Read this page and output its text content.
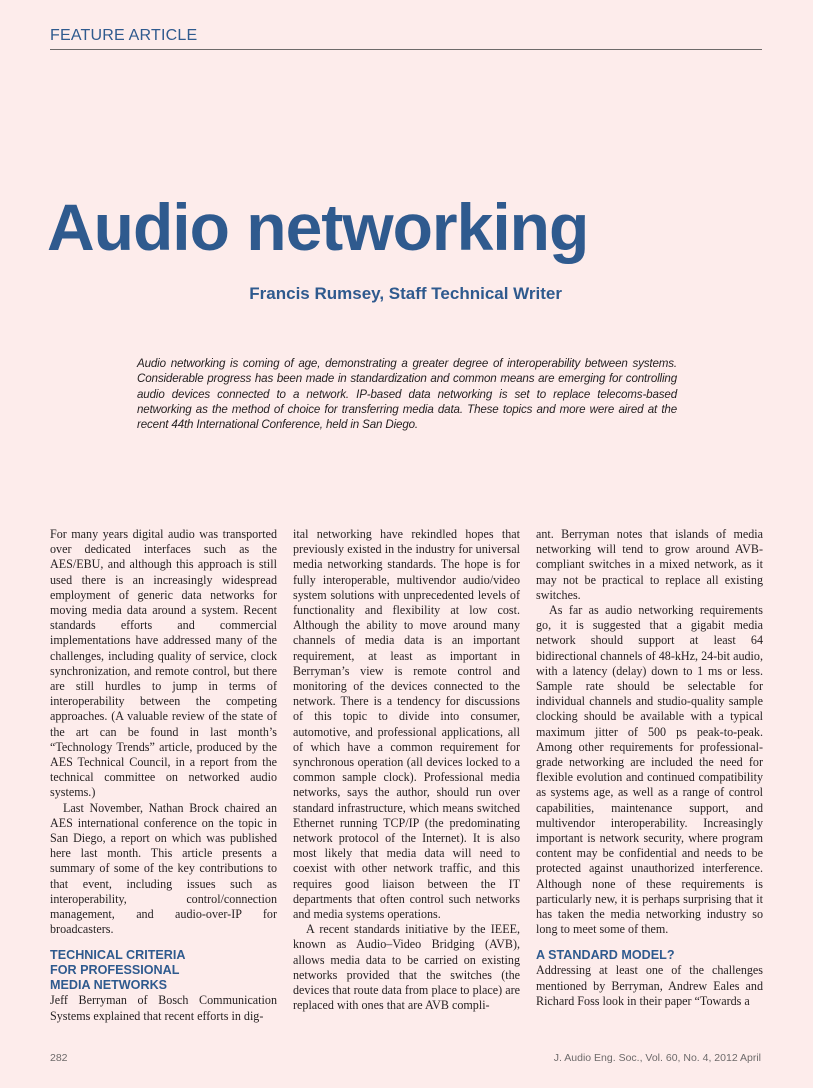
FEATURE ARTICLE
Audio networking
Francis Rumsey, Staff Technical Writer
Audio networking is coming of age, demonstrating a greater degree of interoperability between systems. Considerable progress has been made in standardization and common means are emerging for controlling audio devices connected to a network. IP-based data networking is set to replace telecoms-based networking as the method of choice for transferring media data. These topics and more were aired at the recent 44th International Conference, held in San Diego.

For many years digital audio was transported over dedicated interfaces such as the AES/EBU, and although this approach is still used there is an increasingly widespread employment of generic data networks for moving media data around a system. Recent standards efforts and commercial implementations have addressed many of the challenges, including quality of service, clock synchronization, and remote control, but there are still hurdles to jump in terms of interoperability between the competing approaches. (A valuable review of the state of the art can be found in last month’s “Technology Trends” article, produced by the AES Technical Council, in a report from the technical committee on networked audio systems.)

Last November, Nathan Brock chaired an AES international conference on the topic in San Diego, a report on which was published here last month. This article presents a summary of some of the key contributions to that event, including issues such as interoperability, control/connection management, and audio-over-IP for broadcasters.

TECHNICAL CRITERIA
FOR PROFESSIONAL
MEDIA NETWORKS

Jeff Berryman of Bosch Communication Systems explained that recent efforts in dig-

ital networking have rekindled hopes that previously existed in the industry for universal media networking standards. The hope is for fully interoperable, multivendor audio/video system solutions with unprecedented levels of functionality and flexibility at low cost. Although the ability to move around many channels of media data is an important requirement, at least as important in Berryman’s view is remote control and monitoring of the devices connected to the network. There is a tendency for discussions of this topic to divide into consumer, automotive, and professional applications, all of which have a common requirement for synchronous operation (all devices locked to a common sample clock). Professional media networks, says the author, should run over standard infrastructure, which means switched Ethernet running TCP/IP (the predominating network protocol of the Internet). It is also most likely that media data will need to coexist with other network traffic, and this requires good liaison between the IT departments that often control such networks and media systems operations.

A recent standards initiative by the IEEE, known as Audio–Video Bridging (AVB), allows media data to be carried on existing networks provided that the switches (the devices that route data from place to place) are replaced with ones that are AVB compli-

ant. Berryman notes that islands of media networking will tend to grow around AVB-compliant switches in a mixed network, as it may not be practical to replace all existing switches.

As far as audio networking requirements go, it is suggested that a gigabit media network should support at least 64 bidirectional channels of 48-kHz, 24-bit audio, with a latency (delay) down to 1 ms or less. Sample rate should be selectable for individual channels and studio-quality sample clocking should be available with a typical maximum jitter of 500 ps peak-to-peak. Among other requirements for professional-grade networking are included the need for flexible evolution and continued compatibility as systems age, as well as a range of control capabilities, maintenance support, and multivendor interoperability. Increasingly important is network security, where program content may be confidential and needs to be protected against unauthorized interference. Although none of these requirements is particularly new, it is perhaps surprising that it has taken the media networking industry so long to meet some of them.

A STANDARD MODEL?

Addressing at least one of the challenges mentioned by Berryman, Andrew Eales and Richard Foss look in their paper “Towards a

282	J. Audio Eng. Soc., Vol. 60, No. 4, 2012 April
